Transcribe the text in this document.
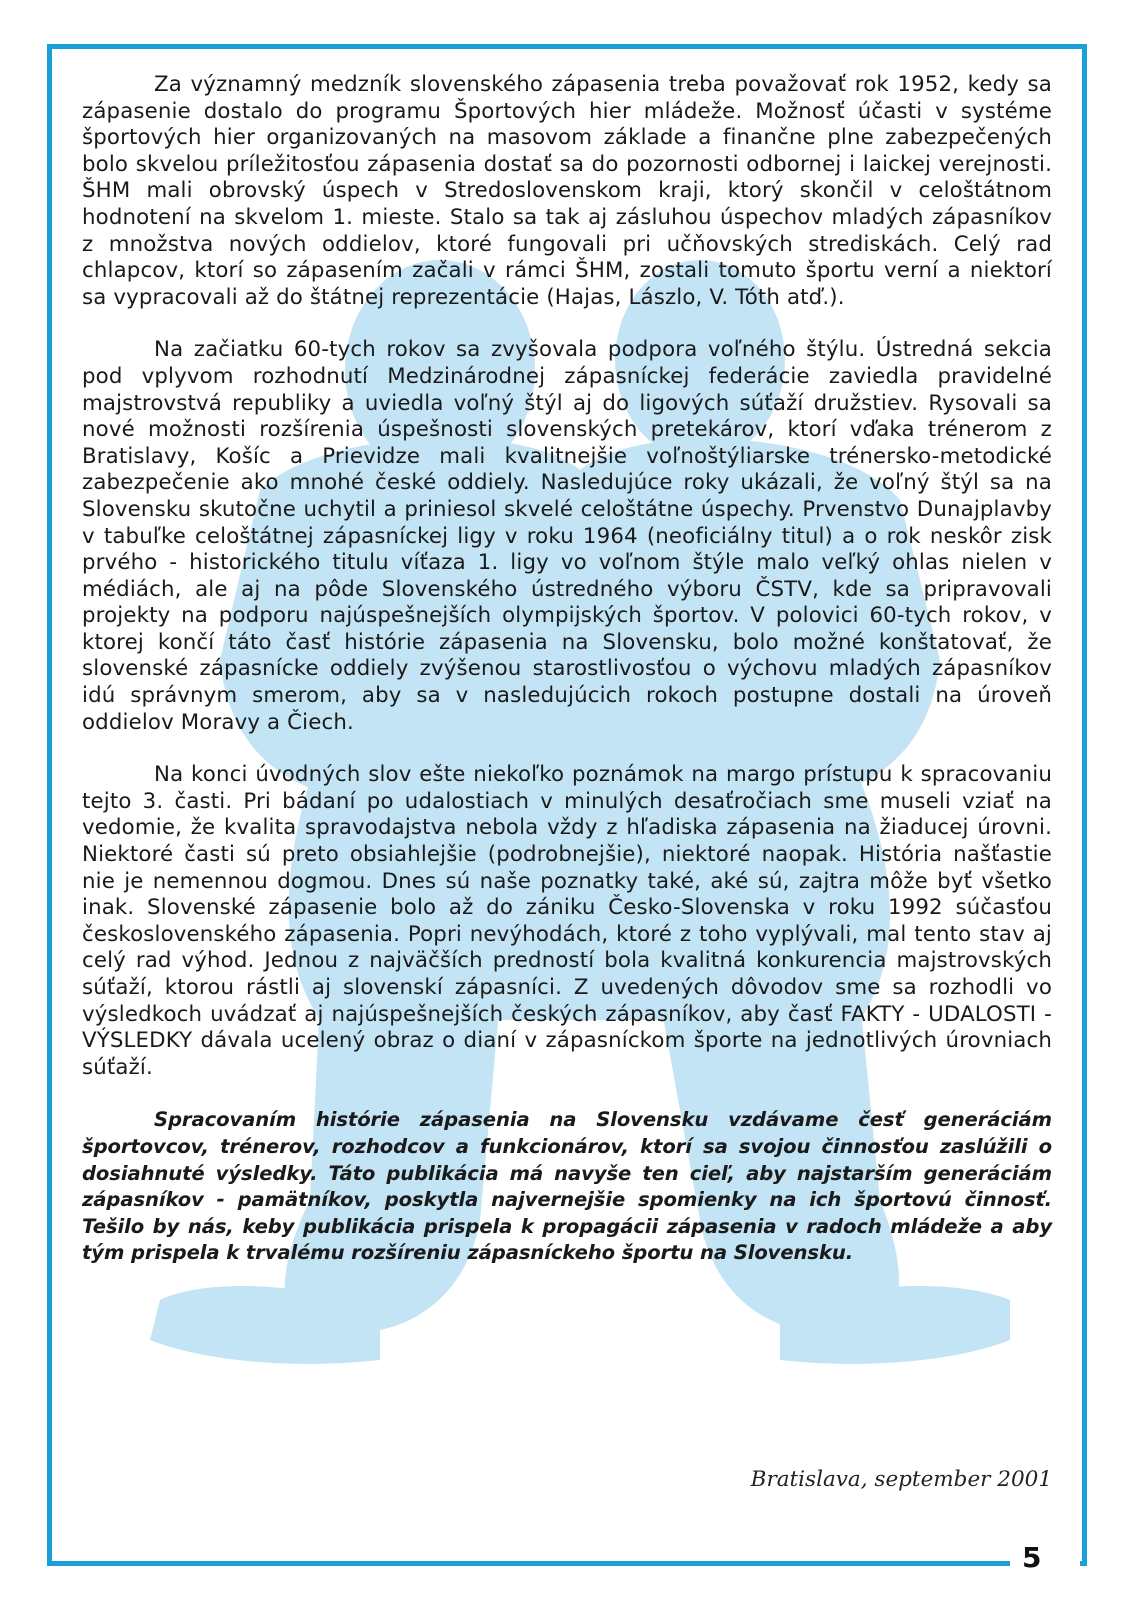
Za významný medzník slovenského zápasenia treba považovať rok 1952, kedy sa zápasenie dostalo do programu Športových hier mládeže. Možnosť účasti v systéme športových hier organizovaných na masovom základe a finančne plne zabezpečených bolo skvelou príležitosťou zápasenia dostať sa do pozornosti odbornej i laickej verejnosti. ŠHM mali obrovský úspech v Stredoslovenskom kraji, ktorý skončil v celoštátnom hodnotení na skvelom 1. mieste. Stalo sa tak aj zásluhou úspechov mladých zápasníkov z množstva nových oddielov, ktoré fungovali pri učňovských strediskách. Celý rad chlapcov, ktorí so zápasením začali v rámci ŠHM, zostali tomuto športu verní a niektorí sa vypracovali až do štátnej reprezentácie (Hajas, Lászlo, V. Tóth atď.).

Na začiatku 60-tych rokov sa zvyšovala podpora voľného štýlu. Ústredná sekcia pod vplyvom rozhodnutí Medzinárodnej zápasníckej federácie zaviedla pravidelné majstrovstvá republiky a uviedla voľný štýl aj do ligových súťaží družstiev. Rysovali sa nové možnosti rozšírenia úspešnosti slovenských pretekárov, ktorí vďaka trénerom z Bratislavy, Košíc a Prievidze mali kvalitnejšie voľnoštýliarske trénersko-metodické zabezpečenie ako mnohé české oddiely. Nasledujúce roky ukázali, že voľný štýl sa na Slovensku skutočne uchytil a priniesol skvelé celoštátne úspechy. Prvenstvo Dunajplavby v tabuľke celoštátnej zápasníckej ligy v roku 1964 (neoficiálny titul) a o rok neskôr zisk prvého - historického titulu víťaza 1. ligy vo voľnom štýle malo veľký ohlas nielen v médiách, ale aj na pôde Slovenského ústredného výboru ČSTV, kde sa pripravovali projekty na podporu najúspešnejších olympijských športov. V polovici 60-tych rokov, v ktorej končí táto časť histórie zápasenia na Slovensku, bolo možné konštatovať, že slovenské zápasnícke oddiely zvýšenou starostlivosťou o výchovu mladých zápasníkov idú správnym smerom, aby sa v nasledujúcich rokoch postupne dostali na úroveň oddielov Moravy a Čiech.

Na konci úvodných slov ešte niekoľko poznámok na margo prístupu k spracovaniu tejto 3. časti. Pri bádaní po udalostiach v minulých desaťročiach sme museli vziať na vedomie, že kvalita spravodajstva nebola vždy z hľadiska zápasenia na žiaducej úrovni. Niektoré časti sú preto obsiahlejšie (podrobnejšie), niektoré naopak. História našťastie nie je nemennou dogmou. Dnes sú naše poznatky také, aké sú, zajtra môže byť všetko inak. Slovenské zápasenie bolo až do zániku Česko-Slovenska v roku 1992 súčasťou československého zápasenia. Popri nevýhodách, ktoré z toho vyplývali, mal tento stav aj celý rad výhod. Jednou z najväčších predností bola kvalitná konkurencia majstrovských súťaží, ktorou rástli aj slovenskí zápasníci. Z uvedených dôvodov sme sa rozhodli vo výsledkoch uvádzať aj najúspešnejších českých zápasníkov, aby časť FAKTY - UDALOSTI - VÝSLEDKY dávala ucelený obraz o dianí v zápasníckom športe na jednotlivých úrovniach súťaží.

Spracovaním histórie zápasenia na Slovensku vzdávame česť generáciám športovcov, trénerov, rozhodcov a funkcionárov, ktorí sa svojou činnosťou zaslúžili o dosiahnuté výsledky. Táto publikácia má navyše ten cieľ, aby najstarším generáciám zápasníkov - pamätníkov, poskytla najvernejšie spomienky na ich športovú činnosť. Tešilo by nás, keby publikácia prispela k propagácii zápasenia v radoch mládeže a aby tým prispela k trvalému rozšíreniu zápasníckeho športu na Slovensku.

Bratislava, september 2001
5
